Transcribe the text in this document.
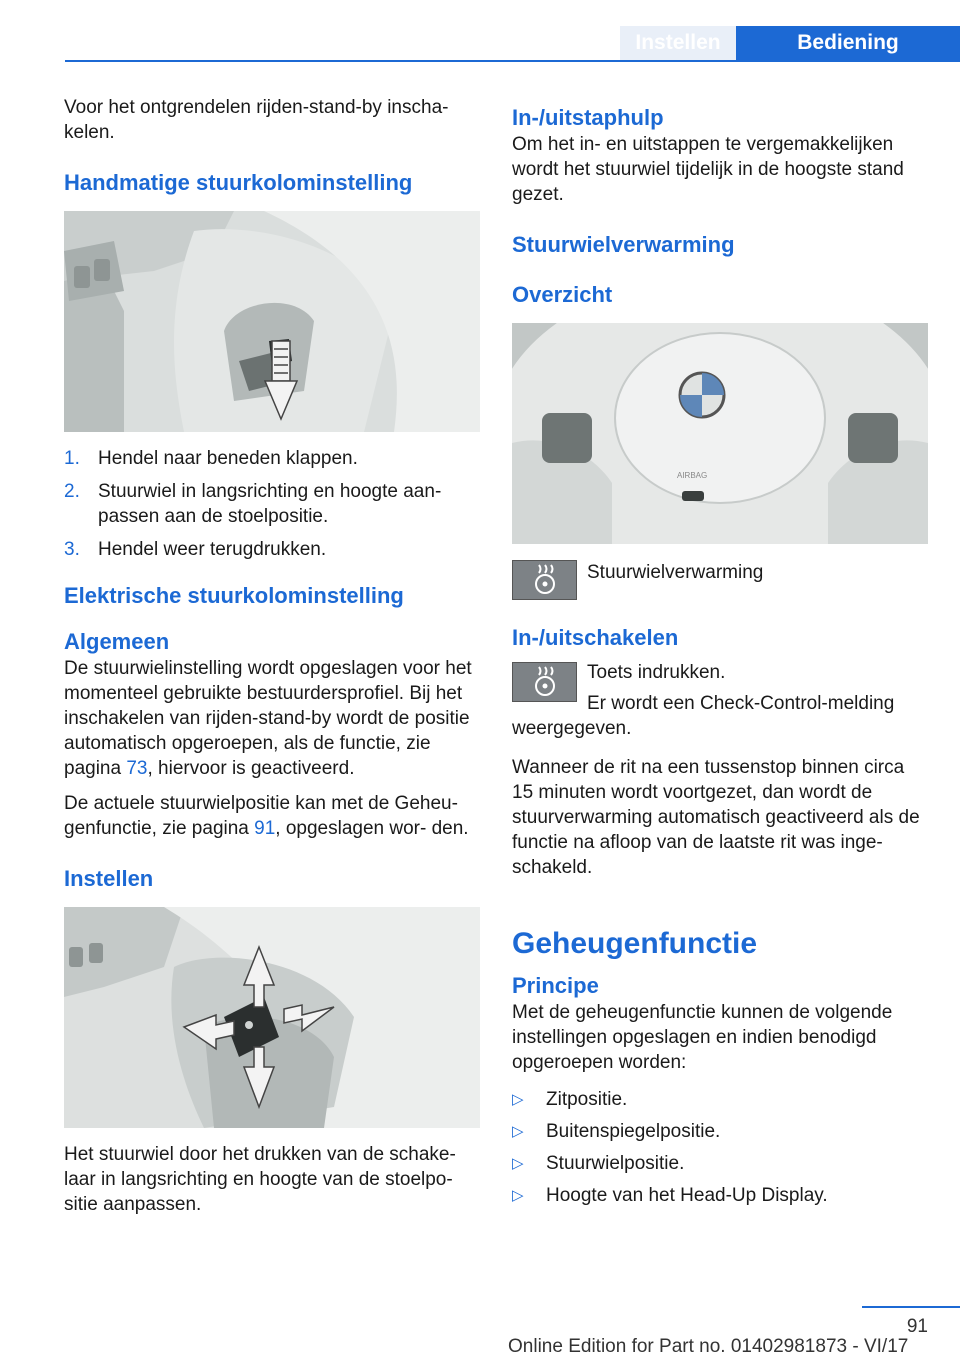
Instellen	Bediening

Voor het ontgrendelen rijden-stand-by inscha- kelen.

Handmatige stuurkolominstelling
1. Hendel naar beneden klappen.
2. Stuurwiel in langsrichting en hoogte aan- passen aan de stoelpositie.
3. Hendel weer terugdrukken.
Elektrische stuurkolominstelling
Algemeen

De stuurwielinstelling wordt opgeslagen voor het momenteel gebruikte bestuurdersprofiel. Bij het inschakelen van rijden-stand-by wordt de positie automatisch opgeroepen, als de functie, zie pagina 73, hiervoor is geactiveerd.

De actuele stuurwielpositie kan met de Geheu- genfunctie, zie pagina 91, opgeslagen wor- den.

Instellen

Het stuurwiel door het drukken van de schake- laar in langsrichting en hoogte van de stoelpo- sitie aanpassen.

In-/uitstaphulp

Om het in- en uitstappen te vergemakkelijken wordt het stuurwiel tijdelijk in de hoogste stand gezet.

Stuurwielverwarming
Overzicht
AIRBAG

Stuurwielverwarming

In-/uitschakelen

Toets indrukken.

Er wordt een Check-Control-melding weergegeven.

Wanneer de rit na een tussenstop binnen circa 15 minuten wordt voortgezet, dan wordt de stuurverwarming automatisch geactiveerd als de functie na afloop van de laatste rit was inge- schakeld.

Geheugenfunctie
Principe

Met de geheugenfunctie kunnen de volgende instellingen opgeslagen en indien benodigd opgeroepen worden:

▷ Zitpositie.
▷ Buitenspiegelpositie.
▷ Stuurwielpositie.
▷ Hoogte van het Head-Up Display.
91
Online Edition for Part no. 01402981873 - VI/17
